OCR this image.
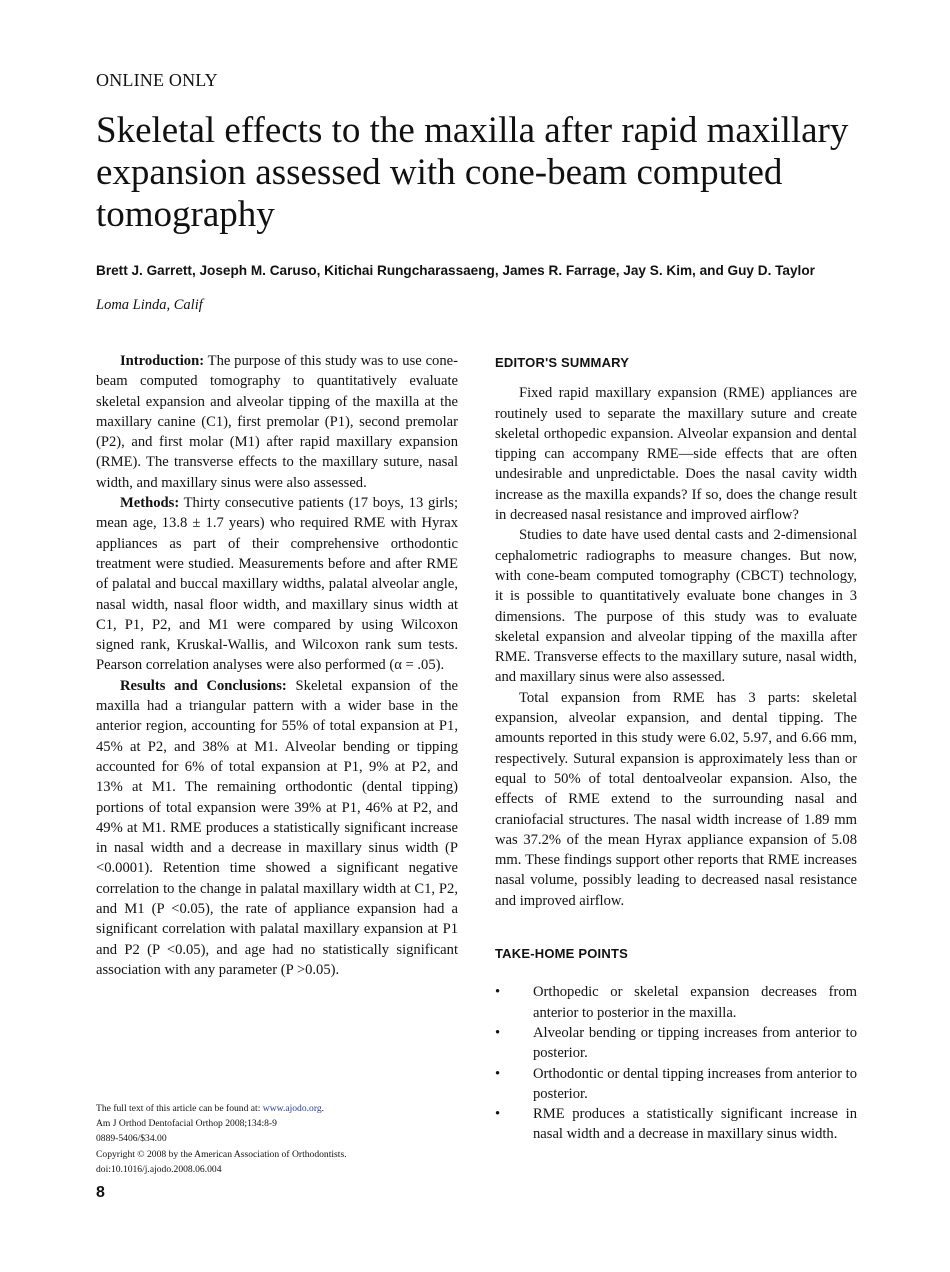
ONLINE ONLY
Skeletal effects to the maxilla after rapid maxillary expansion assessed with cone-beam computed tomography
Brett J. Garrett, Joseph M. Caruso, Kitichai Rungcharassaeng, James R. Farrage, Jay S. Kim, and Guy D. Taylor
Loma Linda, Calif

Introduction: The purpose of this study was to use cone-beam computed tomography to quantitatively evaluate skeletal expansion and alveolar tipping of the maxilla at the maxillary canine (C1), first premolar (P1), second premolar (P2), and first molar (M1) after rapid maxillary expansion (RME). The transverse effects to the maxillary suture, nasal width, and maxillary sinus were also assessed.

Methods: Thirty consecutive patients (17 boys, 13 girls; mean age, 13.8 ± 1.7 years) who required RME with Hyrax appliances as part of their comprehensive orthodontic treatment were studied. Measurements before and after RME of palatal and buccal maxillary widths, palatal alveolar angle, nasal width, nasal floor width, and maxillary sinus width at C1, P1, P2, and M1 were compared by using Wilcoxon signed rank, Kruskal-Wallis, and Wilcoxon rank sum tests. Pearson correlation analyses were also performed (α = .05).

Results and Conclusions: Skeletal expansion of the maxilla had a triangular pattern with a wider base in the anterior region, accounting for 55% of total expansion at P1, 45% at P2, and 38% at M1. Alveolar bending or tipping accounted for 6% of total expansion at P1, 9% at P2, and 13% at M1. The remaining orthodontic (dental tipping) portions of total expansion were 39% at P1, 46% at P2, and 49% at M1. RME produces a statistically significant increase in nasal width and a decrease in maxillary sinus width (P <0.0001). Retention time showed a significant negative correlation to the change in palatal maxillary width at C1, P2, and M1 (P <0.05), the rate of appliance expansion had a significant correlation with palatal maxillary expansion at P1 and P2 (P <0.05), and age had no statistically significant association with any parameter (P >0.05).

EDITOR'S SUMMARY

Fixed rapid maxillary expansion (RME) appliances are routinely used to separate the maxillary suture and create skeletal orthopedic expansion. Alveolar expansion and dental tipping can accompany RME—side effects that are often undesirable and unpredictable. Does the nasal cavity width increase as the maxilla expands? If so, does the change result in decreased nasal resistance and improved airflow?

Studies to date have used dental casts and 2-dimensional cephalometric radiographs to measure changes. But now, with cone-beam computed tomography (CBCT) technology, it is possible to quantitatively evaluate bone changes in 3 dimensions. The purpose of this study was to evaluate skeletal expansion and alveolar tipping of the maxilla after RME. Transverse effects to the maxillary suture, nasal width, and maxillary sinus were also assessed.

Total expansion from RME has 3 parts: skeletal expansion, alveolar expansion, and dental tipping. The amounts reported in this study were 6.02, 5.97, and 6.66 mm, respectively. Sutural expansion is approximately less than or equal to 50% of total dentoalveolar expansion. Also, the effects of RME extend to the surrounding nasal and craniofacial structures. The nasal width increase of 1.89 mm was 37.2% of the mean Hyrax appliance expansion of 5.08 mm. These findings support other reports that RME increases nasal volume, possibly leading to decreased nasal resistance and improved airflow.

TAKE-HOME POINTS
• Orthopedic or skeletal expansion decreases from anterior to posterior in the maxilla.
• Alveolar bending or tipping increases from anterior to posterior.
• Orthodontic or dental tipping increases from anterior to posterior.
• RME produces a statistically significant increase in nasal width and a decrease in maxillary sinus width.
The full text of this article can be found at: www.ajodo.org.
Am J Orthod Dentofacial Orthop 2008;134:8-9
0889-5406/$34.00
Copyright © 2008 by the American Association of Orthodontists.
doi:10.1016/j.ajodo.2008.06.004
8
